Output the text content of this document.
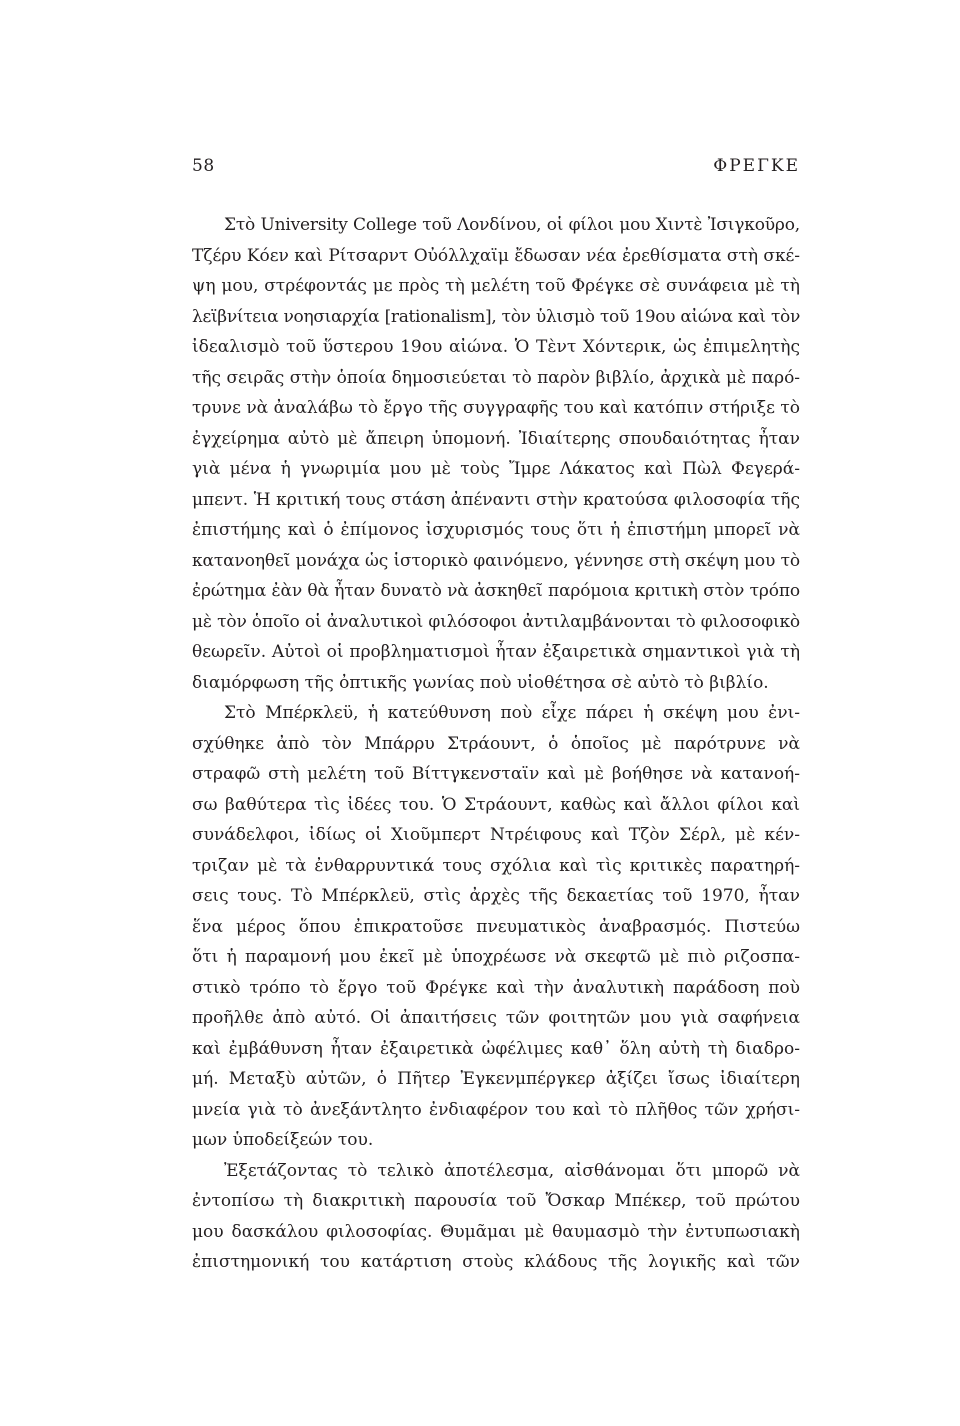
58	ΦΡΕΓΚΕ
Στὸ University College τοῦ Λονδίνου, οἱ φίλοι μου Χιντὲ Ἰσιγκοῦρο,
Τζέρυ Κόεν καὶ Ρίτσαρντ Οὐόλλχαϊμ ἔδωσαν νέα ἐρεθίσματα στὴ σκέ-
ψη μου, στρέφοντάς με πρὸς τὴ μελέτη τοῦ Φρέγκε σὲ συνάφεια μὲ τὴ
λεϊβνίτεια νοησιαρχία [rationalism], τὸν ὑλισμὸ τοῦ 19ου αἰώνα καὶ τὸν
ἰδεαλισμὸ τοῦ ὕστερου 19ου αἰώνα. Ὁ Τὲντ Χόντερικ, ὡς ἐπιμελητὴς
τῆς σειρᾶς στὴν ὁποία δημοσιεύεται τὸ παρὸν βιβλίο, ἀρχικὰ μὲ παρό-
τρυνε νὰ ἀναλάβω τὸ ἔργο τῆς συγγραφῆς του καὶ κατόπιν στήριξε τὸ
ἐγχείρημα αὐτὸ μὲ ἄπειρη ὑπομονή. Ἰδιαίτερης σπουδαιότητας ἦταν
γιὰ μένα ἡ γνωριμία μου μὲ τοὺς Ἴμρε Λάκατος καὶ Πὼλ Φεγερά-
μπεντ. Ἡ κριτική τους στάση ἀπέναντι στὴν κρατούσα φιλοσοφία τῆς
ἐπιστήμης καὶ ὁ ἐπίμονος ἰσχυρισμός τους ὅτι ἡ ἐπιστήμη μπορεῖ νὰ
κατανοηθεῖ μονάχα ὡς ἱστορικὸ φαινόμενο, γέννησε στὴ σκέψη μου τὸ
ἐρώτημα ἐὰν θὰ ἦταν δυνατὸ νὰ ἀσκηθεῖ παρόμοια κριτικὴ στὸν τρόπο
μὲ τὸν ὁποῖο οἱ ἀναλυτικοὶ φιλόσοφοι ἀντιλαμβάνονται τὸ φιλοσοφικὸ
θεωρεῖν. Αὐτοὶ οἱ προβληματισμοὶ ἦταν ἐξαιρετικὰ σημαντικοὶ γιὰ τὴ
διαμόρφωση τῆς ὀπτικῆς γωνίας ποὺ υἱοθέτησα σὲ αὐτὸ τὸ βιβλίο.
Στὸ Μπέρκλεϋ, ἡ κατεύθυνση ποὺ εἶχε πάρει ἡ σκέψη μου ἐνι-
σχύθηκε ἀπὸ τὸν Μπάρρυ Στράουντ, ὁ ὁποῖος μὲ παρότρυνε νὰ
στραφῶ στὴ μελέτη τοῦ Βίττγκενσταϊν καὶ μὲ βοήθησε νὰ κατανοή-
σω βαθύτερα τὶς ἰδέες του. Ὁ Στράουντ, καθὼς καὶ ἄλλοι φίλοι καὶ
συνάδελφοι, ἰδίως οἱ Χιοῦμπερτ Ντρέιφους καὶ Τζὸν Σέρλ, μὲ κέν-
τριζαν μὲ τὰ ἐνθαρρυντικά τους σχόλια καὶ τὶς κριτικὲς παρατηρή-
σεις τους. Τὸ Μπέρκλεϋ, στὶς ἀρχὲς τῆς δεκαετίας τοῦ 1970, ἦταν
ἕνα μέρος ὅπου ἐπικρατοῦσε πνευματικὸς ἀναβρασμός. Πιστεύω
ὅτι ἡ παραμονή μου ἐκεῖ μὲ ὑποχρέωσε νὰ σκεφτῶ μὲ πιὸ ριζοσπα-
στικὸ τρόπο τὸ ἔργο τοῦ Φρέγκε καὶ τὴν ἀναλυτικὴ παράδοση ποὺ
προῆλθε ἀπὸ αὐτό. Οἱ ἀπαιτήσεις τῶν φοιτητῶν μου γιὰ σαφήνεια
καὶ ἐμβάθυνση ἦταν ἐξαιρετικὰ ὠφέλιμες καθ᾽ ὅλη αὐτὴ τὴ διαδρο-
μή. Μεταξὺ αὐτῶν, ὁ Πῆτερ Ἐγκενμπέργκερ ἀξίζει ἴσως ἰδιαίτερη
μνεία γιὰ τὸ ἀνεξάντλητο ἐνδιαφέρον του καὶ τὸ πλῆθος τῶν χρήσι-
μων ὑποδείξεών του.
Ἐξετάζοντας τὸ τελικὸ ἀποτέλεσμα, αἰσθάνομαι ὅτι μπορῶ νὰ
ἐντοπίσω τὴ διακριτικὴ παρουσία τοῦ Ὄσκαρ Μπέκερ, τοῦ πρώτου
μου δασκάλου φιλοσοφίας. Θυμᾶμαι μὲ θαυμασμὸ τὴν ἐντυπωσιακὴ
ἐπιστημονική του κατάρτιση στοὺς κλάδους τῆς λογικῆς καὶ τῶν
